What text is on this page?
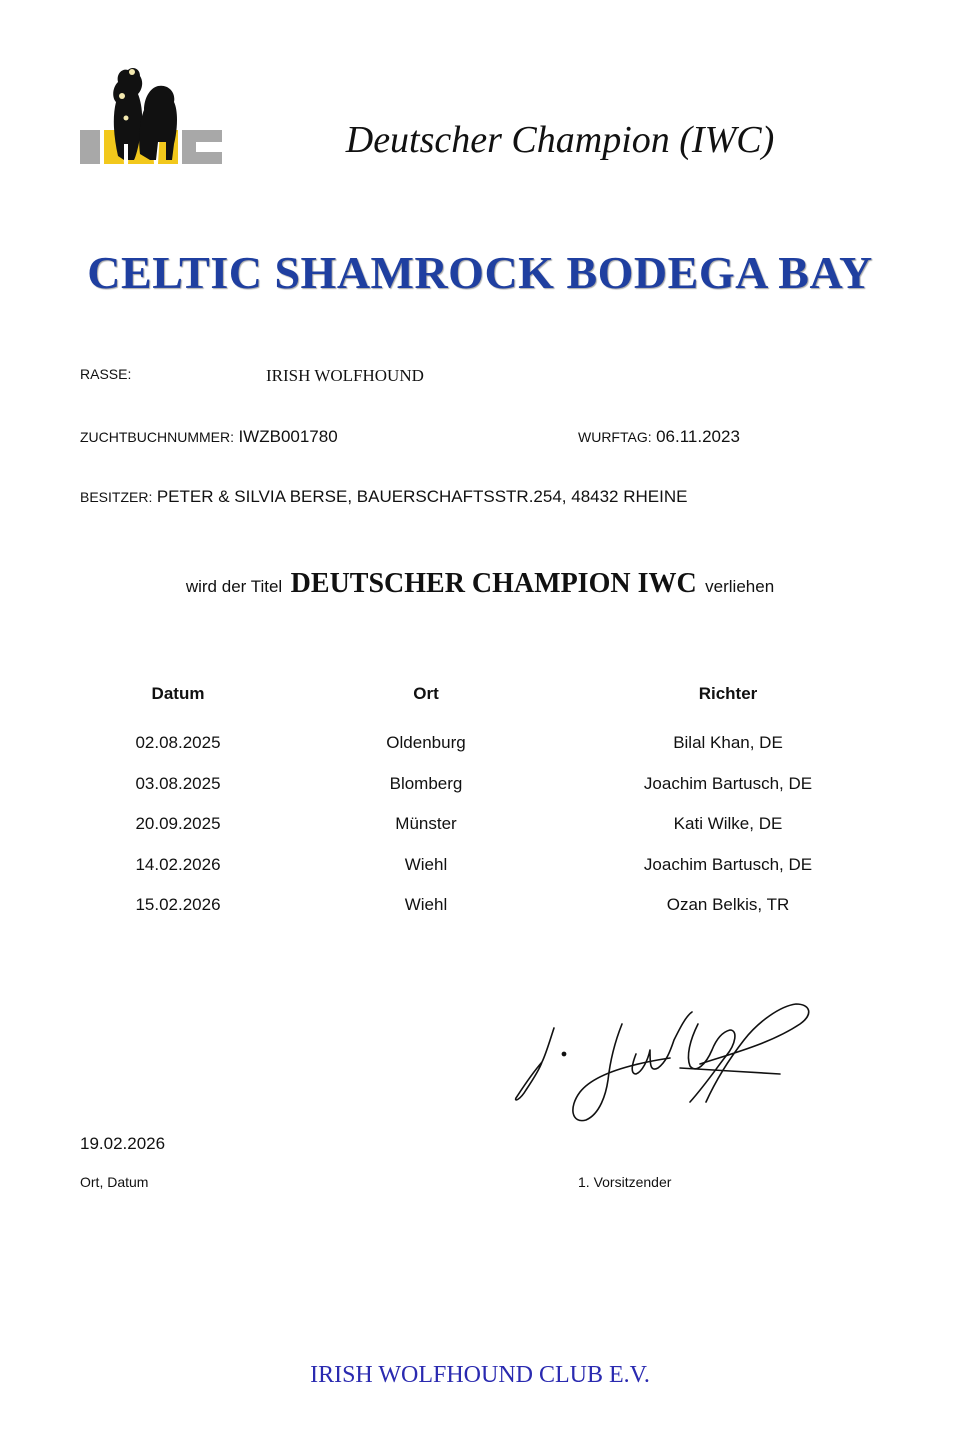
IWC
Deutscher Champion (IWC)
CELTIC SHAMROCK BODEGA BAY
RASSE:	IRISH WOLFHOUND
ZUCHTBUCHNUMMER: IWZB001780	WURFTAG: 06.11.2023
BESITZER: PETER & SILVIA BERSE, BAUERSCHAFTSSTR.254, 48432 RHEINE
wird der Titel DEUTSCHER CHAMPION IWC verliehen
Datum	Ort	Richter
02.08.2025	Oldenburg	Bilal Khan, DE
03.08.2025	Blomberg	Joachim Bartusch, DE
20.09.2025	Münster	Kati Wilke, DE
14.02.2026	Wiehl	Joachim Bartusch, DE
15.02.2026	Wiehl	Ozan Belkis, TR
19.02.2026
Ort, Datum	1. Vorsitzender
IRISH WOLFHOUND CLUB E.V.
